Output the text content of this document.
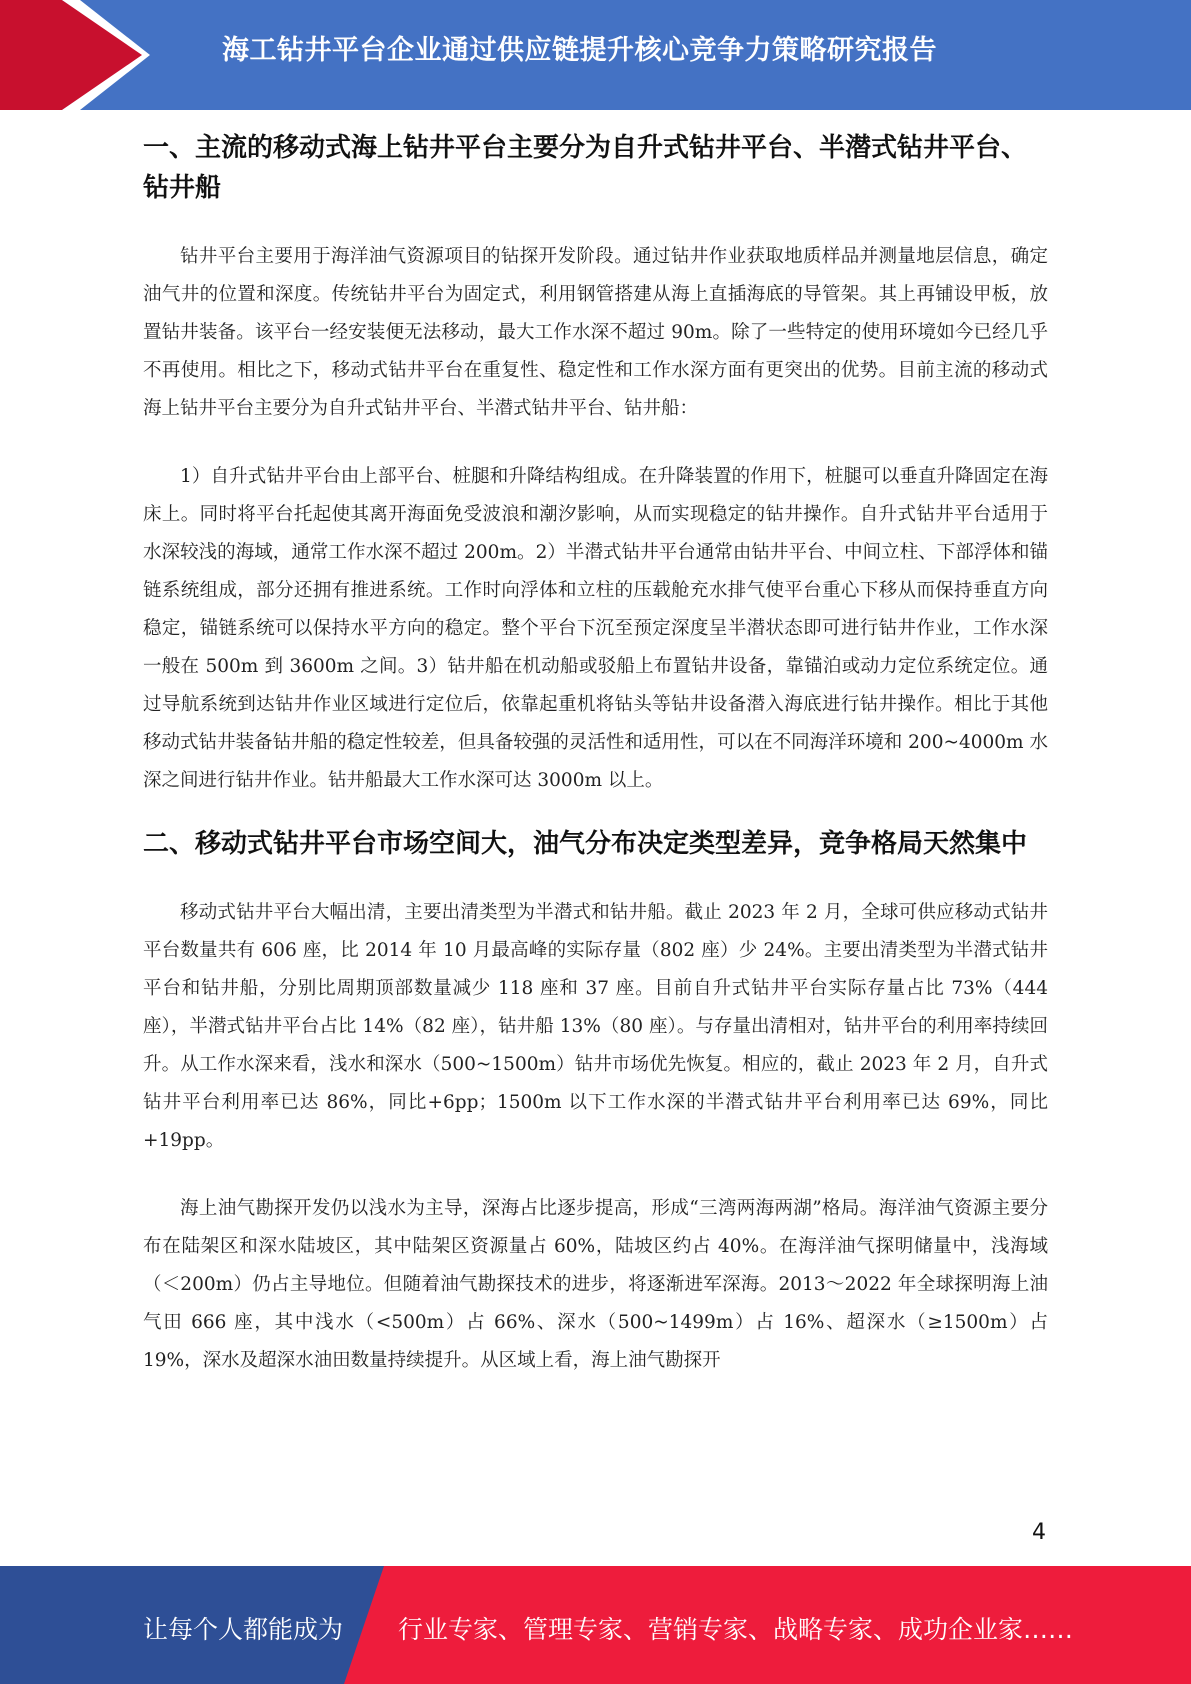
海工钻井平台企业通过供应链提升核心竞争力策略研究报告
一、主流的移动式海上钻井平台主要分为自升式钻井平台、半潜式钻井平台、钻井船

钻井平台主要用于海洋油气资源项目的钻探开发阶段。通过钻井作业获取地质样品并测量地层信息，确定油气井的位置和深度。传统钻井平台为固定式，利用钢管搭建从海上直插海底的导管架。其上再铺设甲板，放置钻井装备。该平台一经安装便无法移动，最大工作水深不超过 90m。除了一些特定的使用环境如今已经几乎不再使用。相比之下，移动式钻井平台在重复性、稳定性和工作水深方面有更突出的优势。目前主流的移动式海上钻井平台主要分为自升式钻井平台、半潜式钻井平台、钻井船：

1）自升式钻井平台由上部平台、桩腿和升降结构组成。在升降装置的作用下，桩腿可以垂直升降固定在海床上。同时将平台托起使其离开海面免受波浪和潮汐影响，从而实现稳定的钻井操作。自升式钻井平台适用于水深较浅的海域，通常工作水深不超过 200m。2）半潜式钻井平台通常由钻井平台、中间立柱、下部浮体和锚链系统组成，部分还拥有推进系统。工作时向浮体和立柱的压载舱充水排气使平台重心下移从而保持垂直方向稳定，锚链系统可以保持水平方向的稳定。整个平台下沉至预定深度呈半潜状态即可进行钻井作业，工作水深一般在 500m 到 3600m 之间。3）钻井船在机动船或驳船上布置钻井设备，靠锚泊或动力定位系统定位。通过导航系统到达钻井作业区域进行定位后，依靠起重机将钻头等钻井设备潜入海底进行钻井操作。相比于其他移动式钻井装备钻井船的稳定性较差，但具备较强的灵活性和适用性，可以在不同海洋环境和 200~4000m 水深之间进行钻井作业。钻井船最大工作水深可达 3000m 以上。

二、移动式钻井平台市场空间大，油气分布决定类型差异，竞争格局天然集中

移动式钻井平台大幅出清，主要出清类型为半潜式和钻井船。截止 2023 年 2 月，全球可供应移动式钻井平台数量共有 606 座，比 2014 年 10 月最高峰的实际存量（802 座）少 24%。主要出清类型为半潜式钻井平台和钻井船，分别比周期顶部数量减少 118 座和 37 座。目前自升式钻井平台实际存量占比 73%（444 座），半潜式钻井平台占比 14%（82 座），钻井船 13%（80 座）。与存量出清相对，钻井平台的利用率持续回升。从工作水深来看，浅水和深水（500~1500m）钻井市场优先恢复。相应的，截止 2023 年 2 月，自升式钻井平台利用率已达 86%，同比+6pp；1500m 以下工作水深的半潜式钻井平台利用率已达 69%，同比+19pp。

海上油气勘探开发仍以浅水为主导，深海占比逐步提高，形成“三湾两海两湖”格局。海洋油气资源主要分布在陆架区和深水陆坡区，其中陆架区资源量占 60%，陆坡区约占 40%。在海洋油气探明储量中，浅海域（＜200m）仍占主导地位。但随着油气勘探技术的进步，将逐渐进军深海。2013～2022 年全球探明海上油气田 666 座，其中浅水（<500m）占 66%、深水（500~1499m）占 16%、超深水（≥1500m）占 19%，深水及超深水油田数量持续提升。从区域上看，海上油气勘探开

4
让每个人都能成为 行业专家、管理专家、营销专家、战略专家、成功企业家……
